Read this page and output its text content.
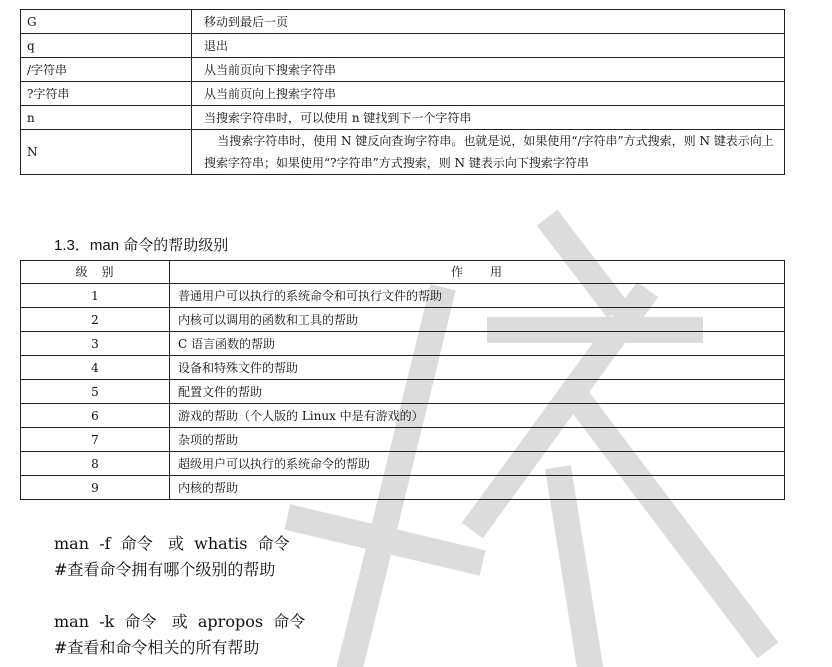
G	移动到最后一页
q	退出
/字符串	从当前页向下搜索字符串
?字符串	从当前页向上搜索字符串
n	当搜索字符串时，可以使用 n 键找到下一个字符串
N	当搜索字符串时，使用 N 键反向查询字符串。也就是说，如果使用“/字符串”方式搜索，则 N 键表示向上搜索字符串；如果使用“?字符串”方式搜索，则 N 键表示向下搜索字符串
1.3．man 命令的帮助级别
级　别	作　　用
1	普通用户可以执行的系统命令和可执行文件的帮助
2	内核可以调用的函数和工具的帮助
3	C 语言函数的帮助
4	设备和特殊文件的帮助
5	配置文件的帮助
6	游戏的帮助（个人版的 Linux 中是有游戏的）
7	杂项的帮助
8	超级用户可以执行的系统命令的帮助
9	内核的帮助
man  -f  命令   或  whatis  命令
#查看命令拥有哪个级别的帮助
man  -k  命令   或  apropos  命令
#查看和命令相关的所有帮助
